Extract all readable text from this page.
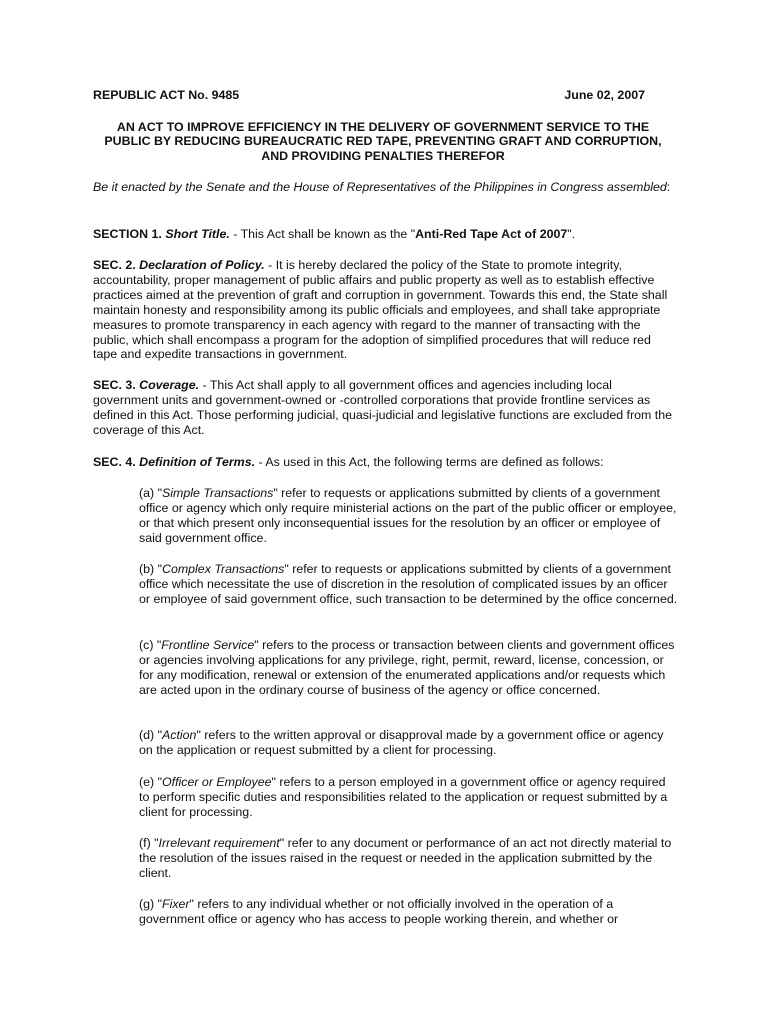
REPUBLIC ACT No. 9485	June 02, 2007

AN ACT TO IMPROVE EFFICIENCY IN THE DELIVERY OF GOVERNMENT SERVICE TO THE PUBLIC BY REDUCING BUREAUCRATIC RED TAPE, PREVENTING GRAFT AND CORRUPTION, AND PROVIDING PENALTIES THEREFOR

Be it enacted by the Senate and the House of Representatives of the Philippines in Congress assembled:

SECTION 1. Short Title. - This Act shall be known as the "Anti-Red Tape Act of 2007".

SEC. 2. Declaration of Policy. - It is hereby declared the policy of the State to promote integrity, accountability, proper management of public affairs and public property as well as to establish effective practices aimed at the prevention of graft and corruption in government. Towards this end, the State shall maintain honesty and responsibility among its public officials and employees, and shall take appropriate measures to promote transparency in each agency with regard to the manner of transacting with the public, which shall encompass a program for the adoption of simplified procedures that will reduce red tape and expedite transactions in government.

SEC. 3. Coverage. - This Act shall apply to all government offices and agencies including local government units and government-owned or -controlled corporations that provide frontline services as defined in this Act. Those performing judicial, quasi-judicial and legislative functions are excluded from the coverage of this Act.

SEC. 4. Definition of Terms. - As used in this Act, the following terms are defined as follows:

(a) "Simple Transactions" refer to requests or applications submitted by clients of a government office or agency which only require ministerial actions on the part of the public officer or employee, or that which present only inconsequential issues for the resolution by an officer or employee of said government office.

(b) "Complex Transactions" refer to requests or applications submitted by clients of a government office which necessitate the use of discretion in the resolution of complicated issues by an officer or employee of said government office, such transaction to be determined by the office concerned.

(c) "Frontline Service" refers to the process or transaction between clients and government offices or agencies involving applications for any privilege, right, permit, reward, license, concession, or for any modification, renewal or extension of the enumerated applications and/or requests which are acted upon in the ordinary course of business of the agency or office concerned.

(d) "Action" refers to the written approval or disapproval made by a government office or agency on the application or request submitted by a client for processing.

(e) "Officer or Employee" refers to a person employed in a government office or agency required to perform specific duties and responsibilities related to the application or request submitted by a client for processing.

(f) "Irrelevant requirement" refer to any document or performance of an act not directly material to the resolution of the issues raised in the request or needed in the application submitted by the client.

(g) "Fixer" refers to any individual whether or not officially involved in the operation of a government office or agency who has access to people working therein, and whether or
